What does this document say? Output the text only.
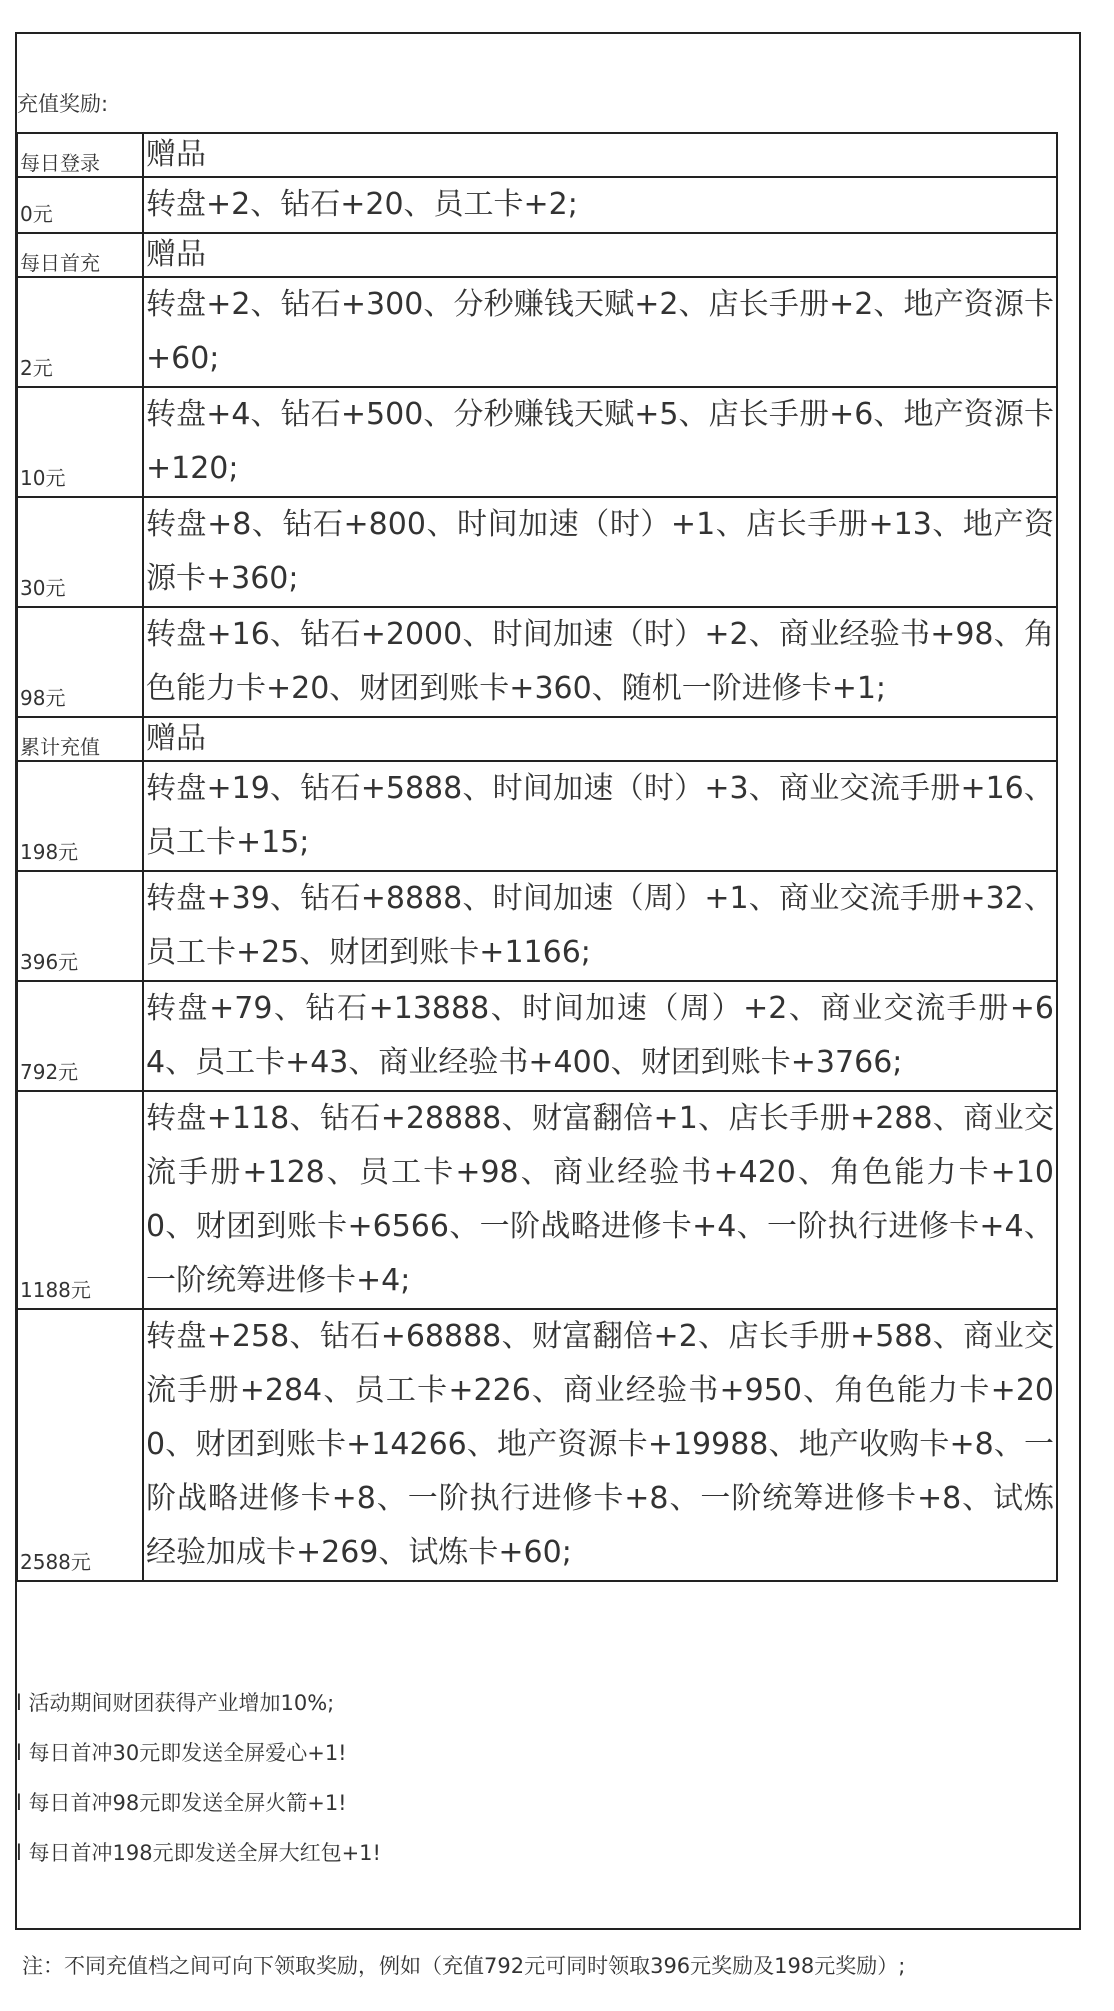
充值奖励:
每日登录	赠品
0元	转盘+2、钻石+20、员工卡+2;
每日首充	赠品
2元	转盘+2、钻石+300、分秒赚钱天赋+2、店长手册+2、地产资源卡+60;
10元	转盘+4、钻石+500、分秒赚钱天赋+5、店长手册+6、地产资源卡+120;
30元	转盘+8、钻石+800、时间加速（时）+1、店长手册+13、地产资源卡+360;
98元	转盘+16、钻石+2000、时间加速（时）+2、商业经验书+98、角色能力卡+20、财团到账卡+360、随机一阶进修卡+1;
累计充值	赠品
198元	转盘+19、钻石+5888、时间加速（时）+3、商业交流手册+16、员工卡+15;
396元	转盘+39、钻石+8888、时间加速（周）+1、商业交流手册+32、员工卡+25、财团到账卡+1166;
792元	转盘+79、钻石+13888、时间加速（周）+2、商业交流手册+64、员工卡+43、商业经验书+400、财团到账卡+3766;
1188元	转盘+118、钻石+28888、财富翻倍+1、店长手册+288、商业交流手册+128、员工卡+98、商业经验书+420、角色能力卡+100、财团到账卡+6566、一阶战略进修卡+4、一阶执行进修卡+4、一阶统筹进修卡+4;
2588元	转盘+258、钻石+68888、财富翻倍+2、店长手册+588、商业交流手册+284、员工卡+226、商业经验书+950、角色能力卡+200、财团到账卡+14266、地产资源卡+19988、地产收购卡+8、一阶战略进修卡+8、一阶执行进修卡+8、一阶统筹进修卡+8、试炼经验加成卡+269、试炼卡+60;
l 活动期间财团获得产业增加10%;
l 每日首冲30元即发送全屏爱心+1!
l 每日首冲98元即发送全屏火箭+1!
l 每日首冲198元即发送全屏大红包+1!
注：不同充值档之间可向下领取奖励，例如（充值792元可同时领取396元奖励及198元奖励）;
